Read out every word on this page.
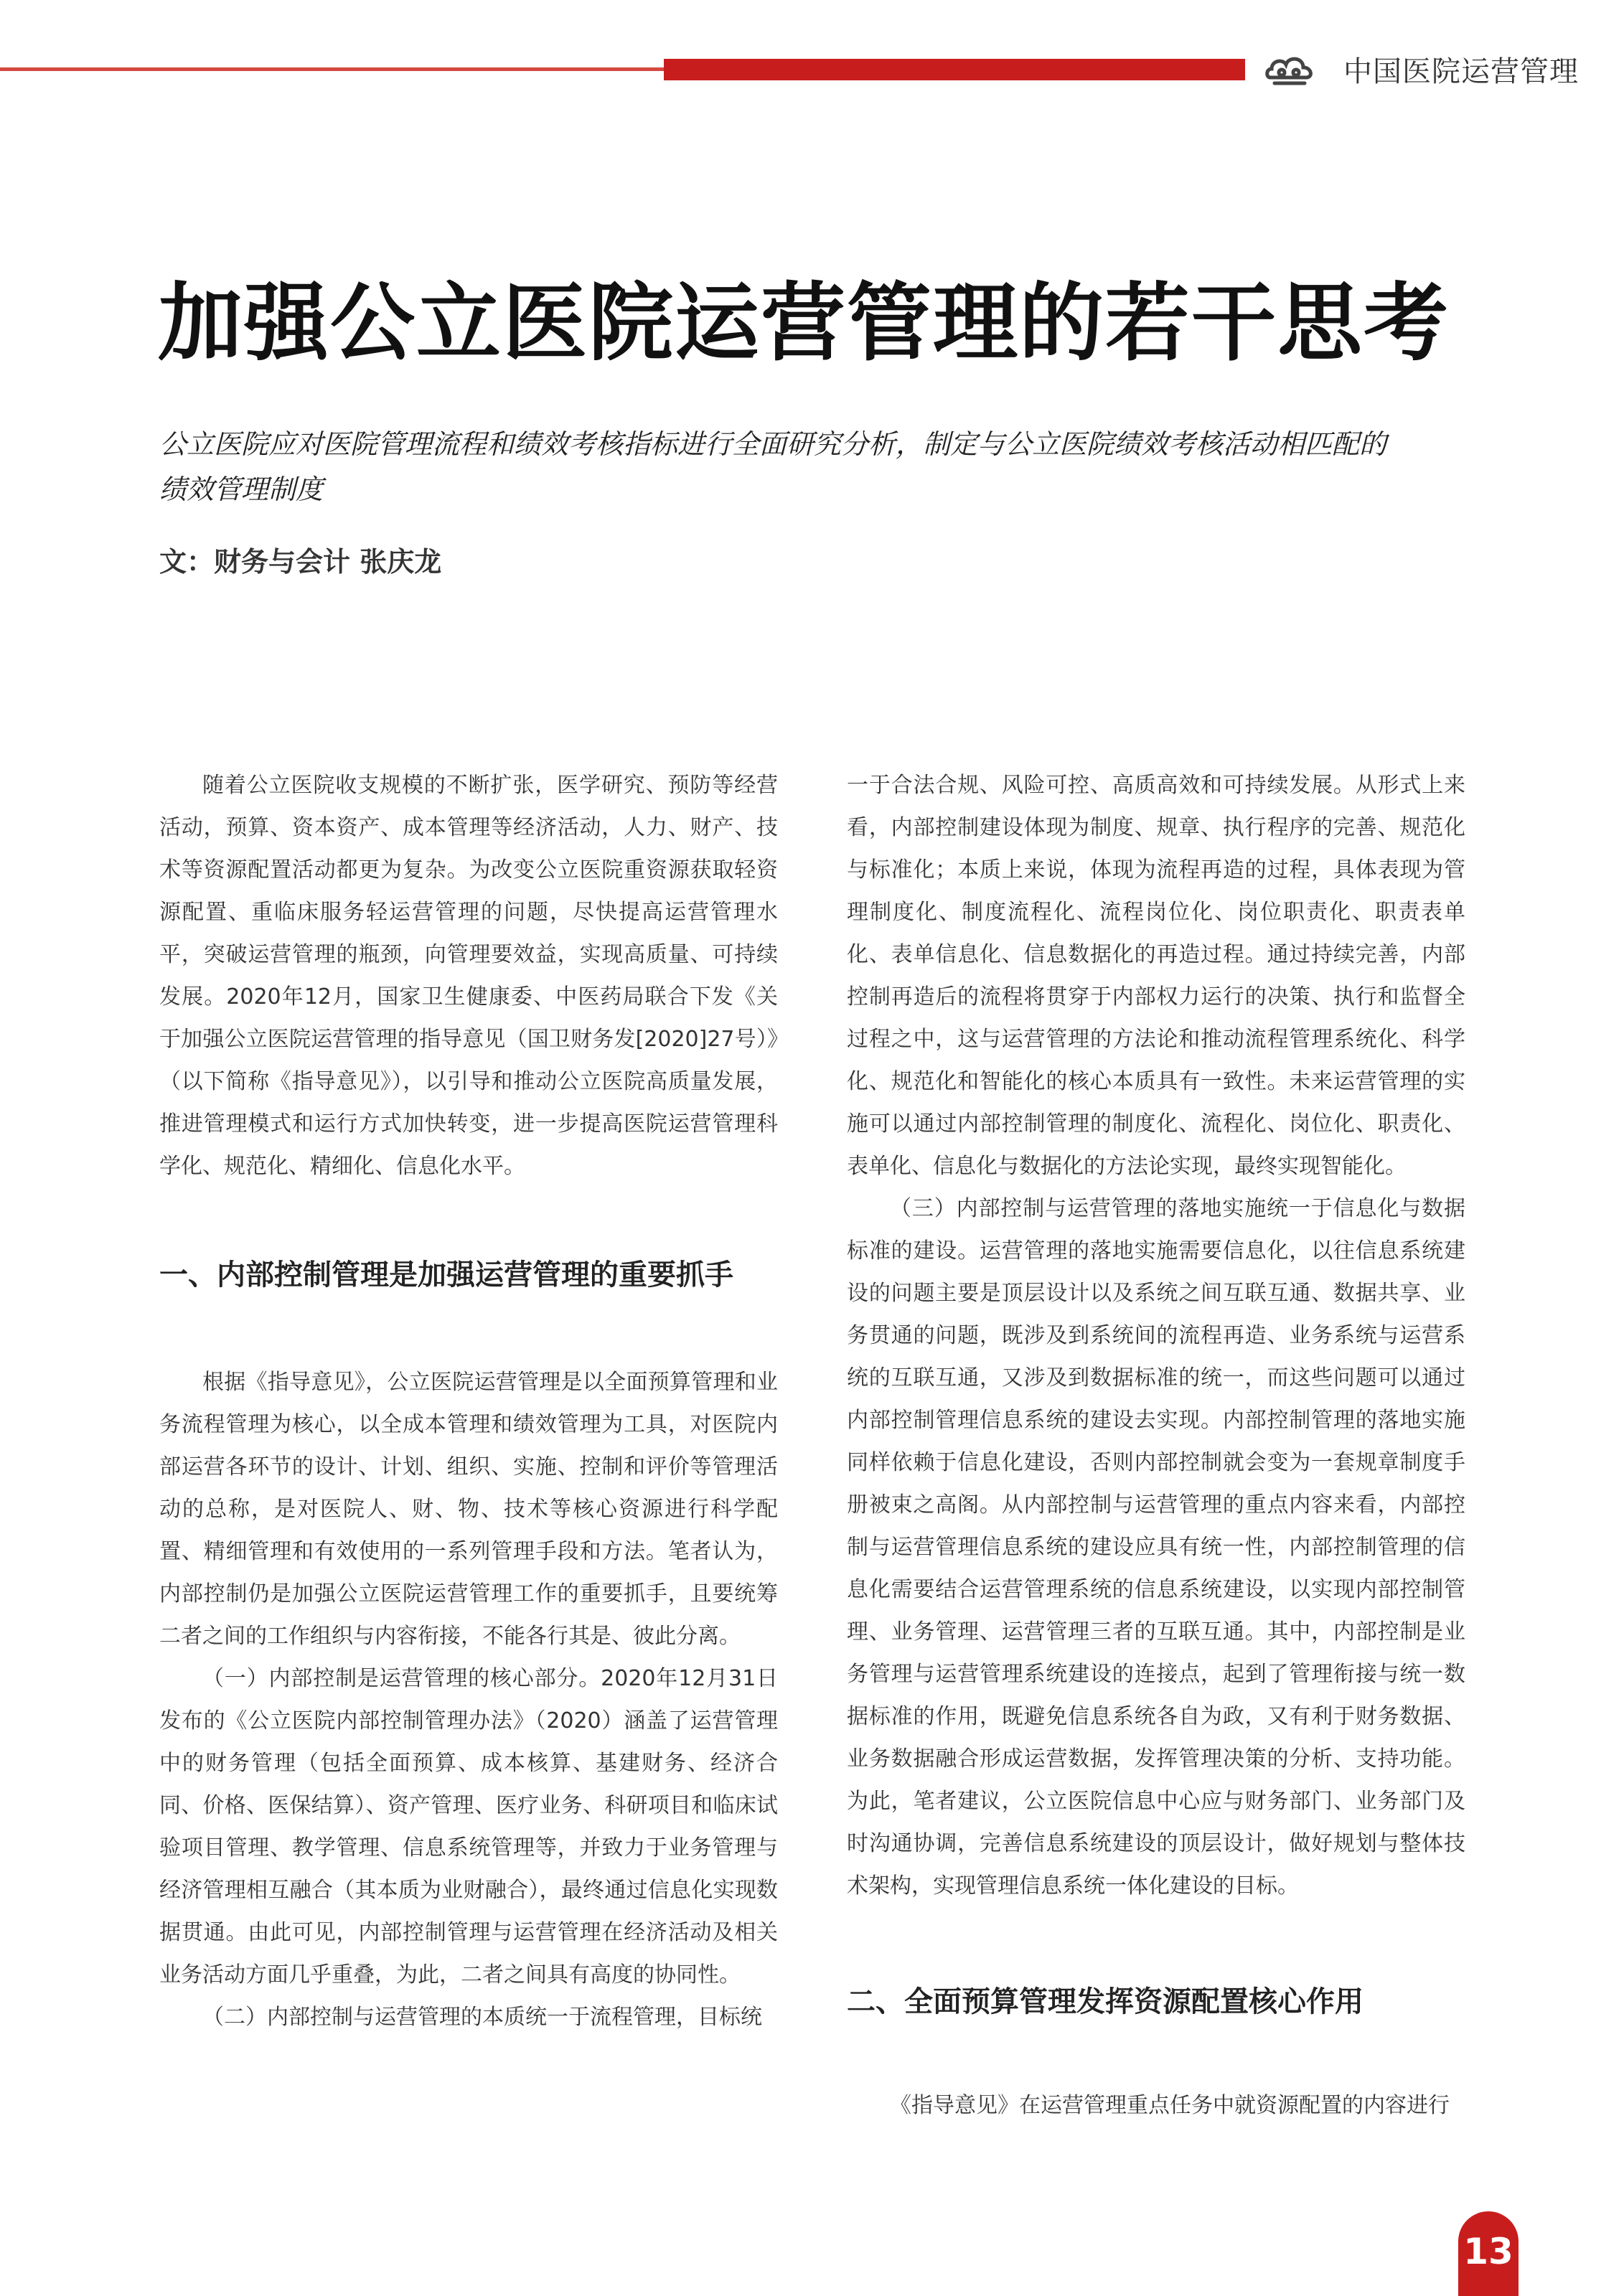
中国医院运营管理
加强公立医院运营管理的若干思考

公立医院应对医院管理流程和绩效考核指标进行全面研究分析，制定与公立医院绩效考核活动相匹配的绩效管理制度

文：财务与会计 张庆龙

随着公立医院收支规模的不断扩张，医学研究、预防等经营活动，预算、资本资产、成本管理等经济活动，人力、财产、技术等资源配置活动都更为复杂。为改变公立医院重资源获取轻资源配置、重临床服务轻运营管理的问题，尽快提高运营管理水平，突破运营管理的瓶颈，向管理要效益，实现高质量、可持续发展。2020年12月，国家卫生健康委、中医药局联合下发《关于加强公立医院运营管理的指导意见（国卫财务发[2020]27号）》（以下简称《指导意见》），以引导和推动公立医院高质量发展，推进管理模式和运行方式加快转变，进一步提高医院运营管理科学化、规范化、精细化、信息化水平。

一、内部控制管理是加强运营管理的重要抓手

根据《指导意见》，公立医院运营管理是以全面预算管理和业务流程管理为核心，以全成本管理和绩效管理为工具，对医院内部运营各环节的设计、计划、组织、实施、控制和评价等管理活动的总称，是对医院人、财、物、技术等核心资源进行科学配置、精细管理和有效使用的一系列管理手段和方法。笔者认为，内部控制仍是加强公立医院运营管理工作的重要抓手，且要统筹二者之间的工作组织与内容衔接，不能各行其是、彼此分离。

（一）内部控制是运营管理的核心部分。2020年12月31日发布的《公立医院内部控制管理办法》（2020）涵盖了运营管理中的财务管理（包括全面预算、成本核算、基建财务、经济合同、价格、医保结算）、资产管理、医疗业务、科研项目和临床试验项目管理、教学管理、信息系统管理等，并致力于业务管理与经济管理相互融合（其本质为业财融合），最终通过信息化实现数据贯通。由此可见，内部控制管理与运营管理在经济活动及相关业务活动方面几乎重叠，为此，二者之间具有高度的协同性。

（二）内部控制与运营管理的本质统一于流程管理，目标统

一于合法合规、风险可控、高质高效和可持续发展。从形式上来看，内部控制建设体现为制度、规章、执行程序的完善、规范化与标准化；本质上来说，体现为流程再造的过程，具体表现为管理制度化、制度流程化、流程岗位化、岗位职责化、职责表单化、表单信息化、信息数据化的再造过程。通过持续完善，内部控制再造后的流程将贯穿于内部权力运行的决策、执行和监督全过程之中，这与运营管理的方法论和推动流程管理系统化、科学化、规范化和智能化的核心本质具有一致性。未来运营管理的实施可以通过内部控制管理的制度化、流程化、岗位化、职责化、表单化、信息化与数据化的方法论实现，最终实现智能化。

（三）内部控制与运营管理的落地实施统一于信息化与数据标准的建设。运营管理的落地实施需要信息化，以往信息系统建设的问题主要是顶层设计以及系统之间互联互通、数据共享、业务贯通的问题，既涉及到系统间的流程再造、业务系统与运营系统的互联互通，又涉及到数据标准的统一，而这些问题可以通过内部控制管理信息系统的建设去实现。内部控制管理的落地实施同样依赖于信息化建设，否则内部控制就会变为一套规章制度手册被束之高阁。从内部控制与运营管理的重点内容来看，内部控制与运营管理信息系统的建设应具有统一性，内部控制管理的信息化需要结合运营管理系统的信息系统建设，以实现内部控制管理、业务管理、运营管理三者的互联互通。其中，内部控制是业务管理与运营管理系统建设的连接点，起到了管理衔接与统一数据标准的作用，既避免信息系统各自为政，又有利于财务数据、业务数据融合形成运营数据，发挥管理决策的分析、支持功能。 为此，笔者建议，公立医院信息中心应与财务部门、业务部门及时沟通协调，完善信息系统建设的顶层设计，做好规划与整体技术架构，实现管理信息系统一体化建设的目标。

二、全面预算管理发挥资源配置核心作用

《指导意见》在运营管理重点任务中就资源配置的内容进行

13
